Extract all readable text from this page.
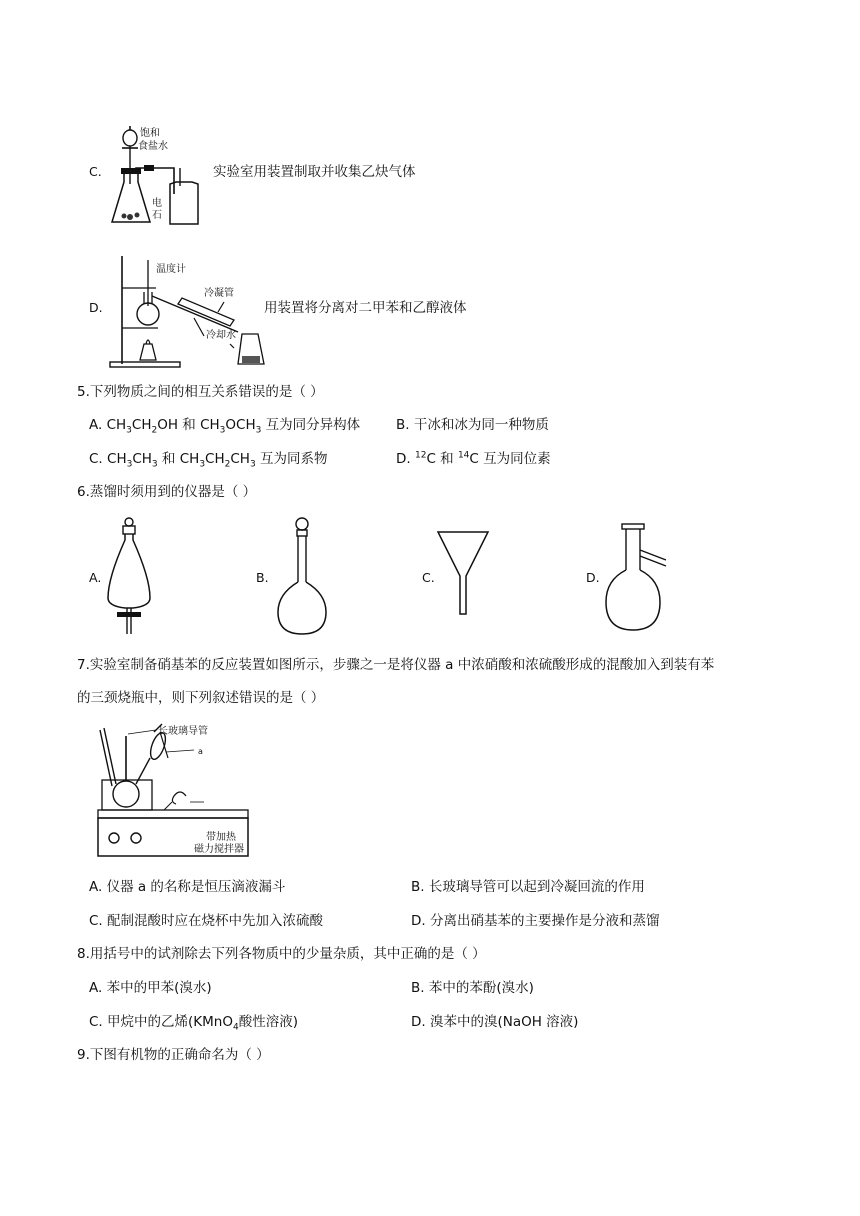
C.
饱和
食盐水
电
石
实验室用装置制取并收集乙炔气体
D.
温度计
冷凝管
冷却水
用装置将分离对二甲苯和乙醇液体
5.下列物质之间的相互关系错误的是（ ）
A. $CH_3CH_2OH$ 和 $CH_3OCH_3$ 互为同分异构体	B. 干冰和冰为同一种物质
C. $CH_3CH_3$ 和 $CH_3CH_2CH_3$ 互为同系物	D. $^{12}$C 和 $^{14}$C 互为同位素
6.蒸馏时须用到的仪器是（ ）
A.	B.	C.	D.
7.实验室制备硝基苯的反应装置如图所示，步骤之一是将仪器 a 中浓硝酸和浓硫酸形成的混酸加入到装有苯
的三颈烧瓶中，则下列叙述错误的是（ ）
长玻璃导管
a
带加热
磁力搅拌器
A. 仪器 a 的名称是恒压滴液漏斗	B. 长玻璃导管可以起到冷凝回流的作用
C. 配制混酸时应在烧杯中先加入浓硫酸	D. 分离出硝基苯的主要操作是分液和蒸馏
8.用括号中的试剂除去下列各物质中的少量杂质，其中正确的是（ ）
A. 苯中的甲苯(溴水)	B. 苯中的苯酚(溴水)
C. 甲烷中的乙烯(KMnO$_4$酸性溶液)	D. 溴苯中的溴(NaOH 溶液)
9.下图有机物的正确命名为（ ）
